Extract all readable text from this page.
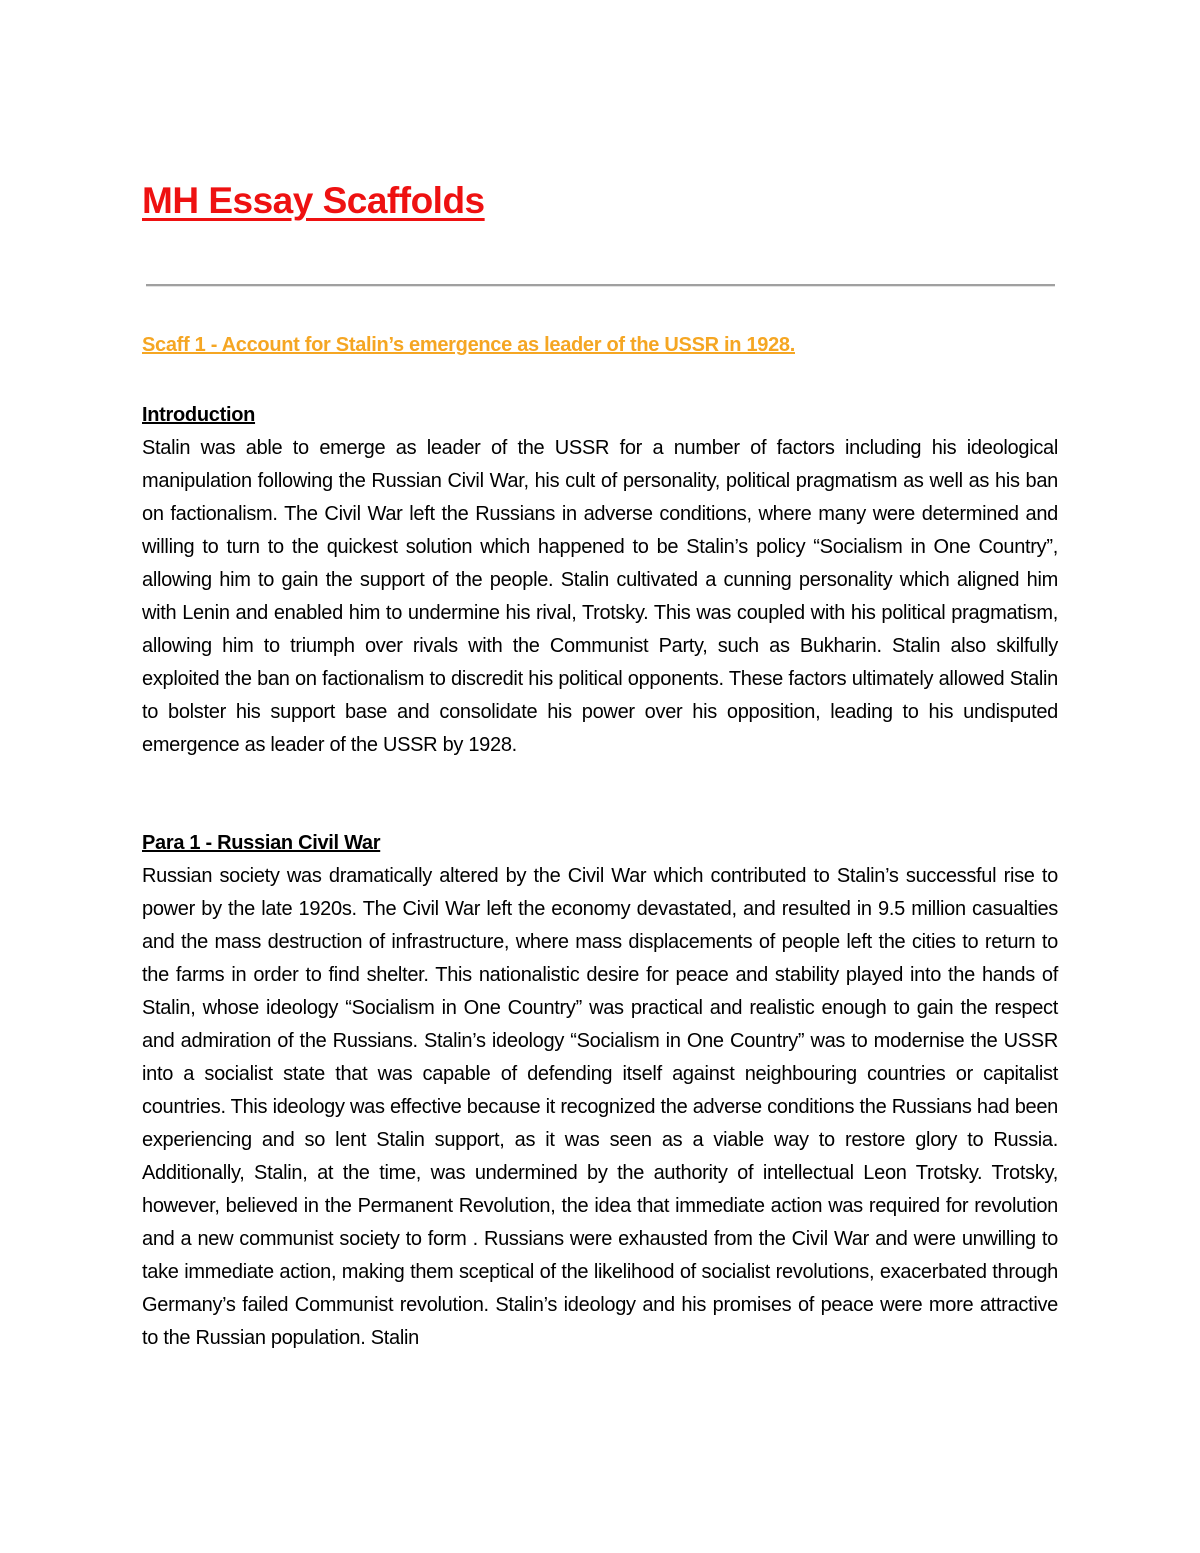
MH Essay Scaffolds
Scaff 1 - Account for Stalin’s emergence as leader of the USSR in 1928.
Introduction

Stalin was able to emerge as leader of the USSR for a number of factors including his ideological manipulation following the Russian Civil War, his cult of personality, political pragmatism as well as his ban on factionalism. The Civil War left the Russians in adverse conditions, where many were determined and willing to turn to the quickest solution which happened to be Stalin’s policy “Socialism in One Country”, allowing him to gain the support of the people. Stalin cultivated a cunning personality which aligned him with Lenin and enabled him to undermine his rival, Trotsky. This was coupled with his political pragmatism, allowing him to triumph over rivals with the Communist Party, such as Bukharin. Stalin also skilfully exploited the ban on factionalism to discredit his political opponents. These factors ultimately allowed Stalin to bolster his support base and consolidate his power over his opposition, leading to his undisputed emergence as leader of the USSR by 1928.

Para 1 - Russian Civil War

Russian society was dramatically altered by the Civil War which contributed to Stalin’s successful rise to power by the late 1920s. The Civil War left the economy devastated, and resulted in 9.5 million casualties and the mass destruction of infrastructure, where mass displacements of people left the cities to return to the farms in order to find shelter. This nationalistic desire for peace and stability played into the hands of Stalin, whose ideology “Socialism in One Country” was practical and realistic enough to gain the respect and admiration of the Russians. Stalin’s ideology “Socialism in One Country” was to modernise the USSR into a socialist state that was capable of defending itself against neighbouring countries or capitalist countries. This ideology was effective because it recognized the adverse conditions the Russians had been experiencing and so lent Stalin support, as it was seen as a viable way to restore glory to Russia. Additionally, Stalin, at the time, was undermined by the authority of intellectual Leon Trotsky. Trotsky, however, believed in the Permanent Revolution, the idea that immediate action was required for revolution and a new communist society to form . Russians were exhausted from the Civil War and were unwilling to take immediate action, making them sceptical of the likelihood of socialist revolutions, exacerbated through Germany’s failed Communist revolution. Stalin’s ideology and his promises of peace were more attractive to the Russian population. Stalin
